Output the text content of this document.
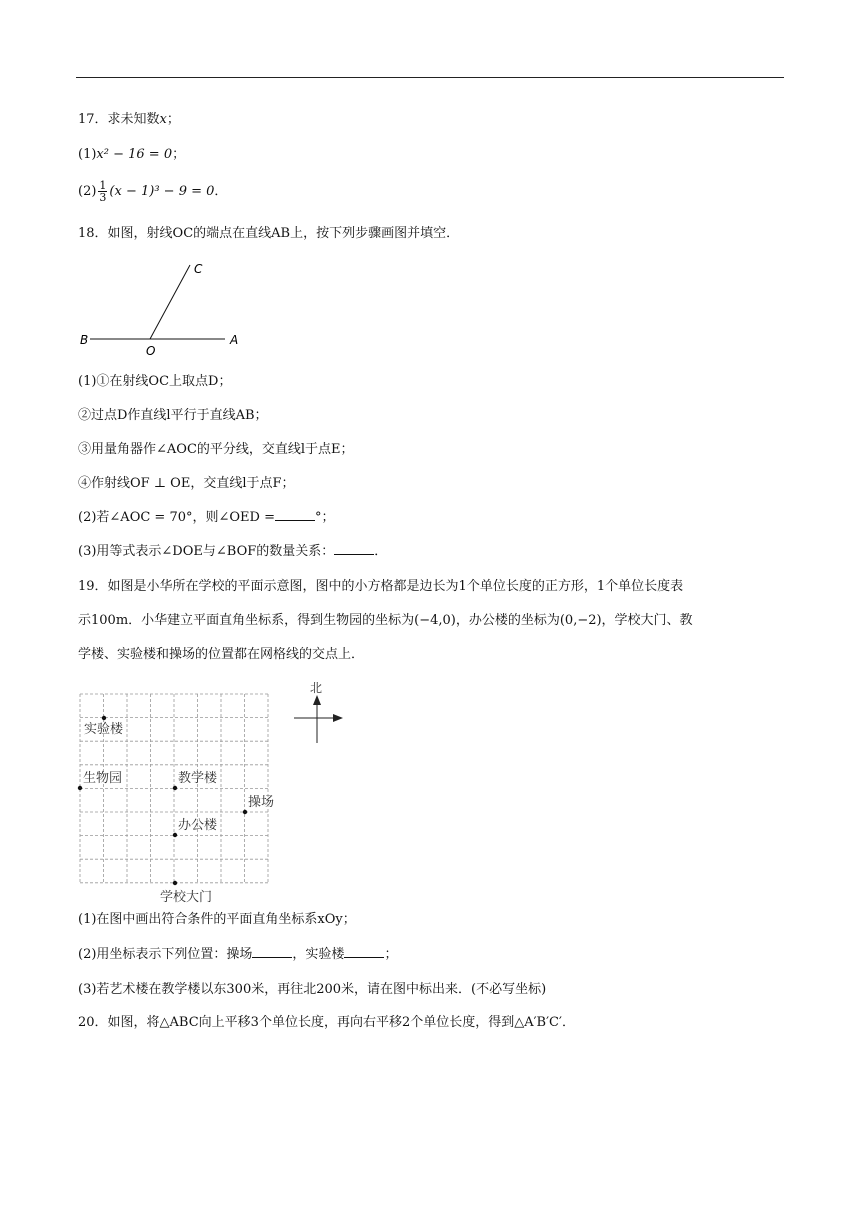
17．求未知数x；
(1)x² − 16 = 0；
$(2) \frac{1}{3} (x - 1)^3 - 9 = 0$．
18．如图，射线OC的端点在直线AB上，按下列步骤画图并填空．
C
B
O
A
(1)①在射线OC上取点D；
②过点D作直线l平行于直线AB；
③用量角器作∠AOC的平分线，交直线l于点E；
④作射线OF ⊥ OE，交直线l于点F；
(2)若∠AOC = 70°，则∠OED =	°；
(3)用等式表示∠DOE与∠BOF的数量关系：	．
19．如图是小华所在学校的平面示意图，图中的小方格都是边长为1个单位长度的正方形，1个单位长度表
示100m．小华建立平面直角坐标系，得到生物园的坐标为(−4,0)，办公楼的坐标为(0,−2)，学校大门、教
学楼、实验楼和操场的位置都在网格线的交点上．
北
实验楼
生物园	教学楼
操场
办公楼
学校大门
(1)在图中画出符合条件的平面直角坐标系xOy；
(2)用坐标表示下列位置：操场	，实验楼	；
(3)若艺术楼在教学楼以东300米，再往北200米，请在图中标出来．(不必写坐标)
20．如图，将△ABC向上平移3个单位长度，再向右平移2个单位长度，得到△A′B′C′．
